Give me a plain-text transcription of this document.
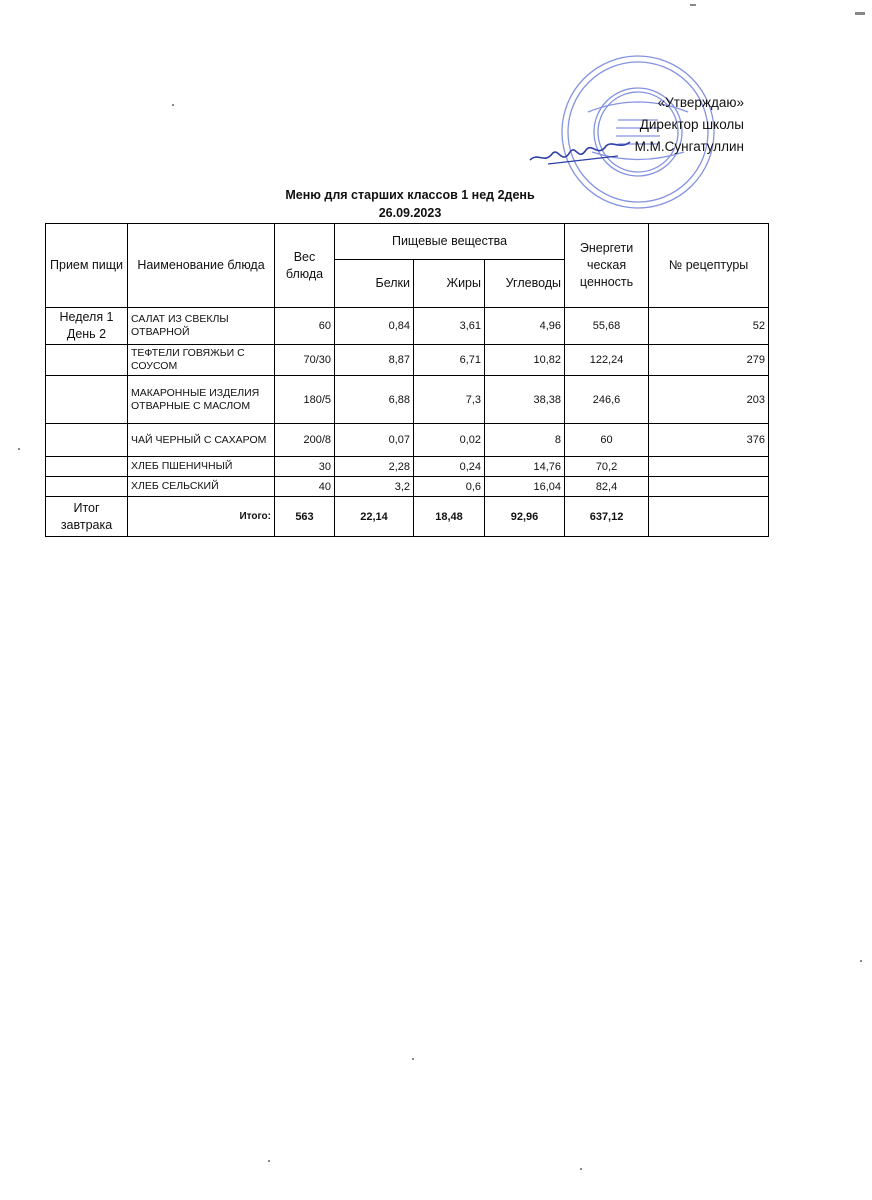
«Утверждаю»
Директор школы
М.М.Сунгатуллин
Меню для старших классов 1 нед 2день
26.09.2023
Прием пищи	Наименование блюда	Вес блюда	Пищевые вещества			Энергети ческая ценность	№ рецептуры
			Белки	Жиры	Углеводы		
Неделя 1 День 2	САЛАТ ИЗ СВЕКЛЫ ОТВАРНОЙ	60	0,84	3,61	4,96	55,68	52
	ТЕФТЕЛИ ГОВЯЖЬИ С СОУСОМ	70/30	8,87	6,71	10,82	122,24	279
	МАКАРОННЫЕ ИЗДЕЛИЯ ОТВАРНЫЕ С МАСЛОМ	180/5	6,88	7,3	38,38	246,6	203
	ЧАЙ ЧЕРНЫЙ С САХАРОМ	200/8	0,07	0,02	8	60	376
	ХЛЕБ ПШЕНИЧНЫЙ	30	2,28	0,24	14,76	70,2	
	ХЛЕБ СЕЛЬСКИЙ	40	3,2	0,6	16,04	82,4	
Итог завтрака	Итого:	563	22,14	18,48	92,96	637,12	
